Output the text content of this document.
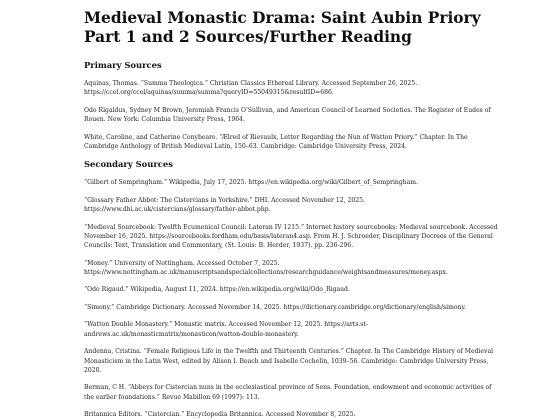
Medieval Monastic Drama: Saint Aubin Priory Part 1 and 2 Sources/Further Reading
Primary Sources

Aquinas, Thomas. “Summa Theologica.” Christian Classics Ethereal Library. Accessed September 26, 2025. https://ccel.org/ccel/aquinas/summa/summa?queryID=55049315&resultID=686.

Odo Rigaldus, Sydney M Brown, Jeremiah Francis O’Sullivan, and American Council of Learned Societies. The Register of Eudes of Rouen. New York: Columbia University Press, 1964.

White, Caroline, and Catherine Conybeare. “Ælred of Rievaulx, Letter Regarding the Nun of Watton Priory.” Chapter. In The Cambridge Anthology of British Medieval Latin, 150–63. Cambridge: Cambridge University Press, 2024.

Secondary Sources

“Gilbert of Sempringham.” Wikipedia, July 17, 2025. https://en.wikipedia.org/wiki/Gilbert_of_Sempringham.

“Glossary Father Abbot: The Cistercians in Yorkshire.” DHI. Accessed November 12, 2025. https://www.dhi.ac.uk/cistercians/glossary/father-abbot.php.

“Medieval Sourcebook: Twelfth Ecumenical Council: Lateran IV 1215.” Internet history sourcebooks: Medieval sourcebook. Accessed November 16, 2025. https://sourcebooks.fordham.edu/basis/lateran4.asp. From H. J. Schroeder, Disciplinary Decrees of the General Councils: Text, Translation and Commentary, (St. Louis: B. Herder, 1937). pp. 236-296.

“Money.” University of Nottingham. Accessed October 7, 2025. https://www.nottingham.ac.uk/manuscriptsandspecialcollections/researchguidance/weightsandmeasures/money.aspx.

“Odo Rigaud.” Wikipedia, August 11, 2024. https://en.wikipedia.org/wiki/Odo_Rigaud.

“Simony.” Cambridge Dictionary. Accessed November 14, 2025. https://dictionary.cambridge.org/dictionary/english/simony.

“Watton Double Monastery.” Monastic matrix. Accessed November 12, 2025. https://arts.st-andrews.ac.uk/monasticmatrix/monasticon/watton-double-monastery.

Andenna, Cristina. “Female Religious Life in the Twelfth and Thirteenth Centuries.” Chapter. In The Cambridge History of Medieval Monasticism in the Latin West, edited by Alison I. Beach and Isabelle Cochelin, 1039–56. Cambridge: Cambridge University Press, 2020.

Berman, C H. “Abbeys for Cistercian nuns in the ecclesiastical province of Sens. Foundation, endowment and economic activities of the earlier foundations.” Revue Mabillon 69 (1997): 113.

Britannica Editors. “Cistercian.” Encyclopedia Britannica. Accessed November 8, 2025.
